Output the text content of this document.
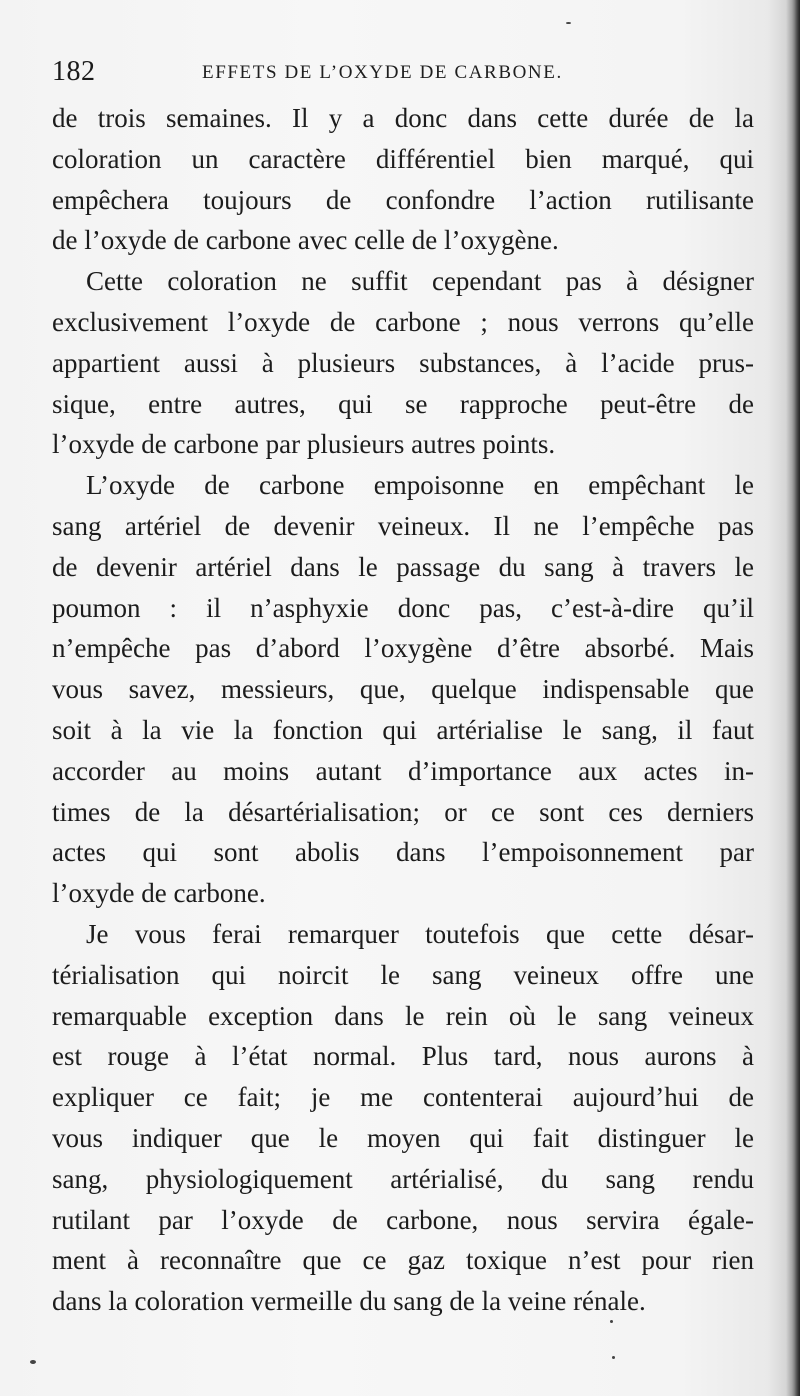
182	EFFETS DE L’OXYDE DE CARBONE.
de trois semaines. Il y a donc dans cette durée de la
coloration un caractère différentiel bien marqué, qui
empêchera toujours de confondre l’action rutilisante
de l’oxyde de carbone avec celle de l’oxygène.
Cette coloration ne suffit cependant pas à désigner
exclusivement l’oxyde de carbone ; nous verrons qu’elle
appartient aussi à plusieurs substances, à l’acide prus-
sique, entre autres, qui se rapproche peut-être de
l’oxyde de carbone par plusieurs autres points.
L’oxyde de carbone empoisonne en empêchant le
sang artériel de devenir veineux. Il ne l’empêche pas
de devenir artériel dans le passage du sang à travers le
poumon : il n’asphyxie donc pas, c’est-à-dire qu’il
n’empêche pas d’abord l’oxygène d’être absorbé. Mais
vous savez, messieurs, que, quelque indispensable que
soit à la vie la fonction qui artérialise le sang, il faut
accorder au moins autant d’importance aux actes in-
times de la désartérialisation; or ce sont ces derniers
actes qui sont abolis dans l’empoisonnement par
l’oxyde de carbone.
Je vous ferai remarquer toutefois que cette désar-
térialisation qui noircit le sang veineux offre une
remarquable exception dans le rein où le sang veineux
est rouge à l’état normal. Plus tard, nous aurons à
expliquer ce fait; je me contenterai aujourd’hui de
vous indiquer que le moyen qui fait distinguer le
sang, physiologiquement artérialisé, du sang rendu
rutilant par l’oxyde de carbone, nous servira égale-
ment à reconnaître que ce gaz toxique n’est pour rien
dans la coloration vermeille du sang de la veine rénale.
